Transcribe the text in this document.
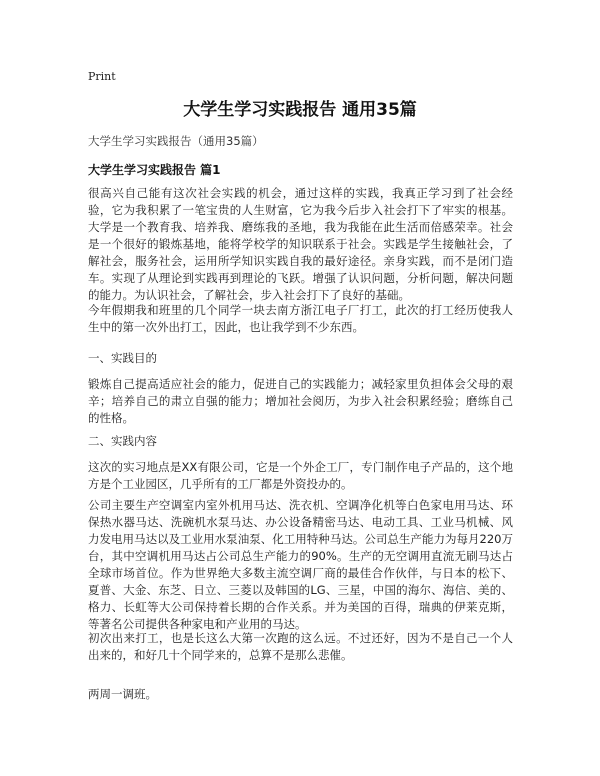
Print
大学生学习实践报告 通用35篇
大学生学习实践报告（通用35篇）
大学生学习实践报告 篇1
很高兴自己能有这次社会实践的机会，通过这样的实践，我真正学习到了社会经验，它为我积累了一笔宝贵的人生财富，它为我今后步入社会打下了牢实的根基。大学是一个教育我、培养我、磨练我的圣地，我为我能在此生活而倍感荣幸。社会是一个很好的锻炼基地，能将学校学的知识联系于社会。实践是学生接触社会，了解社会，服务社会，运用所学知识实践自我的最好途径。亲身实践，而不是闭门造车。实现了从理论到实践再到理论的飞跃。增强了认识问题，分析问题，解决问题的能力。为认识社会，了解社会，步入社会打下了良好的基础。
今年假期我和班里的几个同学一块去南方浙江电子厂打工，此次的打工经历使我人生中的第一次外出打工，因此，也让我学到不少东西。
一、实践目的
锻炼自己提高适应社会的能力，促进自己的实践能力；减轻家里负担体会父母的艰辛；培养自己的肃立自强的能力；增加社会阅历，为步入社会积累经验；磨练自己的性格。
二、实践内容
这次的实习地点是XX有限公司，它是一个外企工厂，专门制作电子产品的，这个地方是个工业园区，几乎所有的工厂都是外资投办的。
公司主要生产空调室内室外机用马达、洗衣机、空调净化机等白色家电用马达、环保热水器马达、洗碗机水泵马达、办公设备精密马达、电动工具、工业马机械、风力发电用马达以及工业用水泵油泵、化工用特种马达。公司总生产能力为每月220万台，其中空调机用马达占公司总生产能力的90%。生产的无空调用直流无刷马达占全球市场首位。作为世界绝大多数主流空调厂商的最佳合作伙伴，与日本的松下、夏普、大金、东芝、日立、三菱以及韩国的LG、三星，中国的海尔、海信、美的、格力、长虹等大公司保持着长期的合作关系。并为美国的百得，瑞典的伊莱克斯，等著名公司提供各种家电和产业用的马达。
初次出来打工，也是长这么大第一次跑的这么远。不过还好，因为不是自己一个人出来的，和好几十个同学来的，总算不是那么悲催。
两周一调班。
